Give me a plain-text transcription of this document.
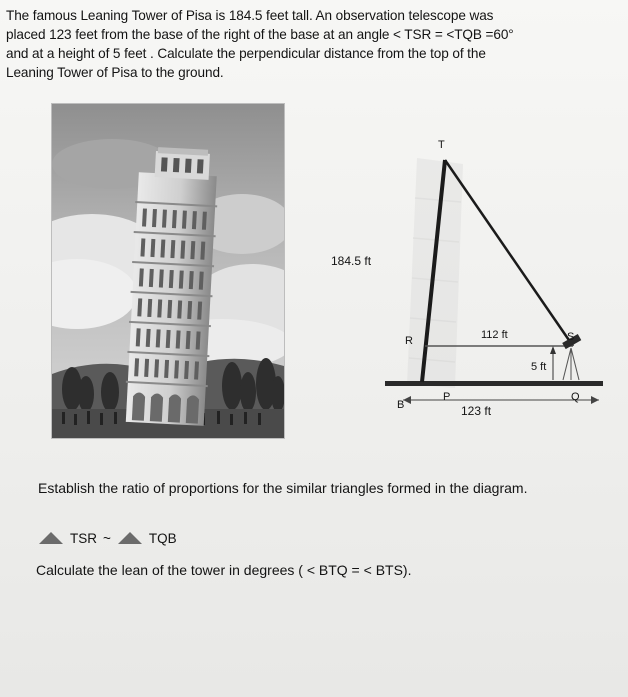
The famous Leaning Tower of Pisa is 184.5 feet tall. An observation telescope was
placed 123 feet from the base of the right of the base at an angle < TSR = <TQB =60°
and at a height of 5 feet . Calculate the perpendicular distance from the top of the
Leaning Tower of Pisa to the ground.
T
R	S
B
P	Q
184.5 ft
112 ft
5 ft
123 ft
Establish the ratio of proportions for the similar triangles formed in the diagram.
TSR ~	TQB
Calculate the lean of the tower in degrees ( < BTQ = < BTS).
